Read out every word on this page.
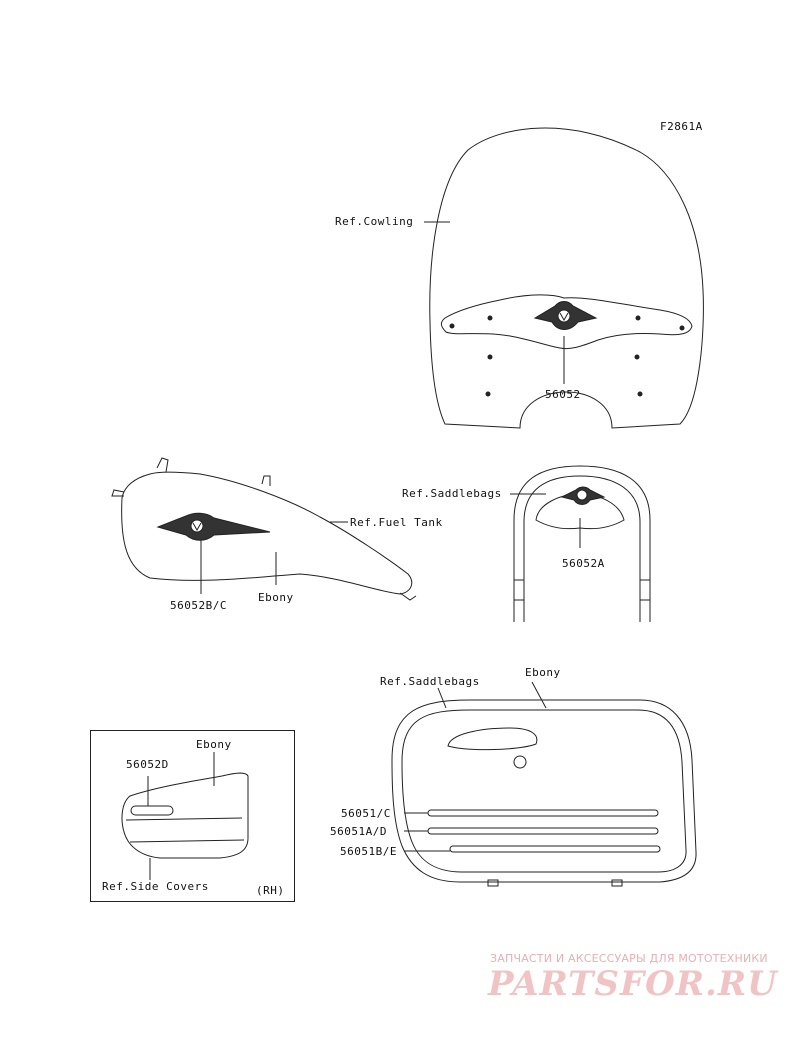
F2861A
Ref.Cowling
56052
Ref.Saddlebags
Ref.Fuel Tank
56052A
Ebony
56052B/C
Ebony
Ref.Saddlebags
56051/C
56051A/D
56051B/E
Ebony
56052D
Ref.Side Covers	(RH)
ЗАПЧАСТИ И АКСЕССУАРЫ ДЛЯ МОТОТЕХНИКИ
PARTSFOR.RU
